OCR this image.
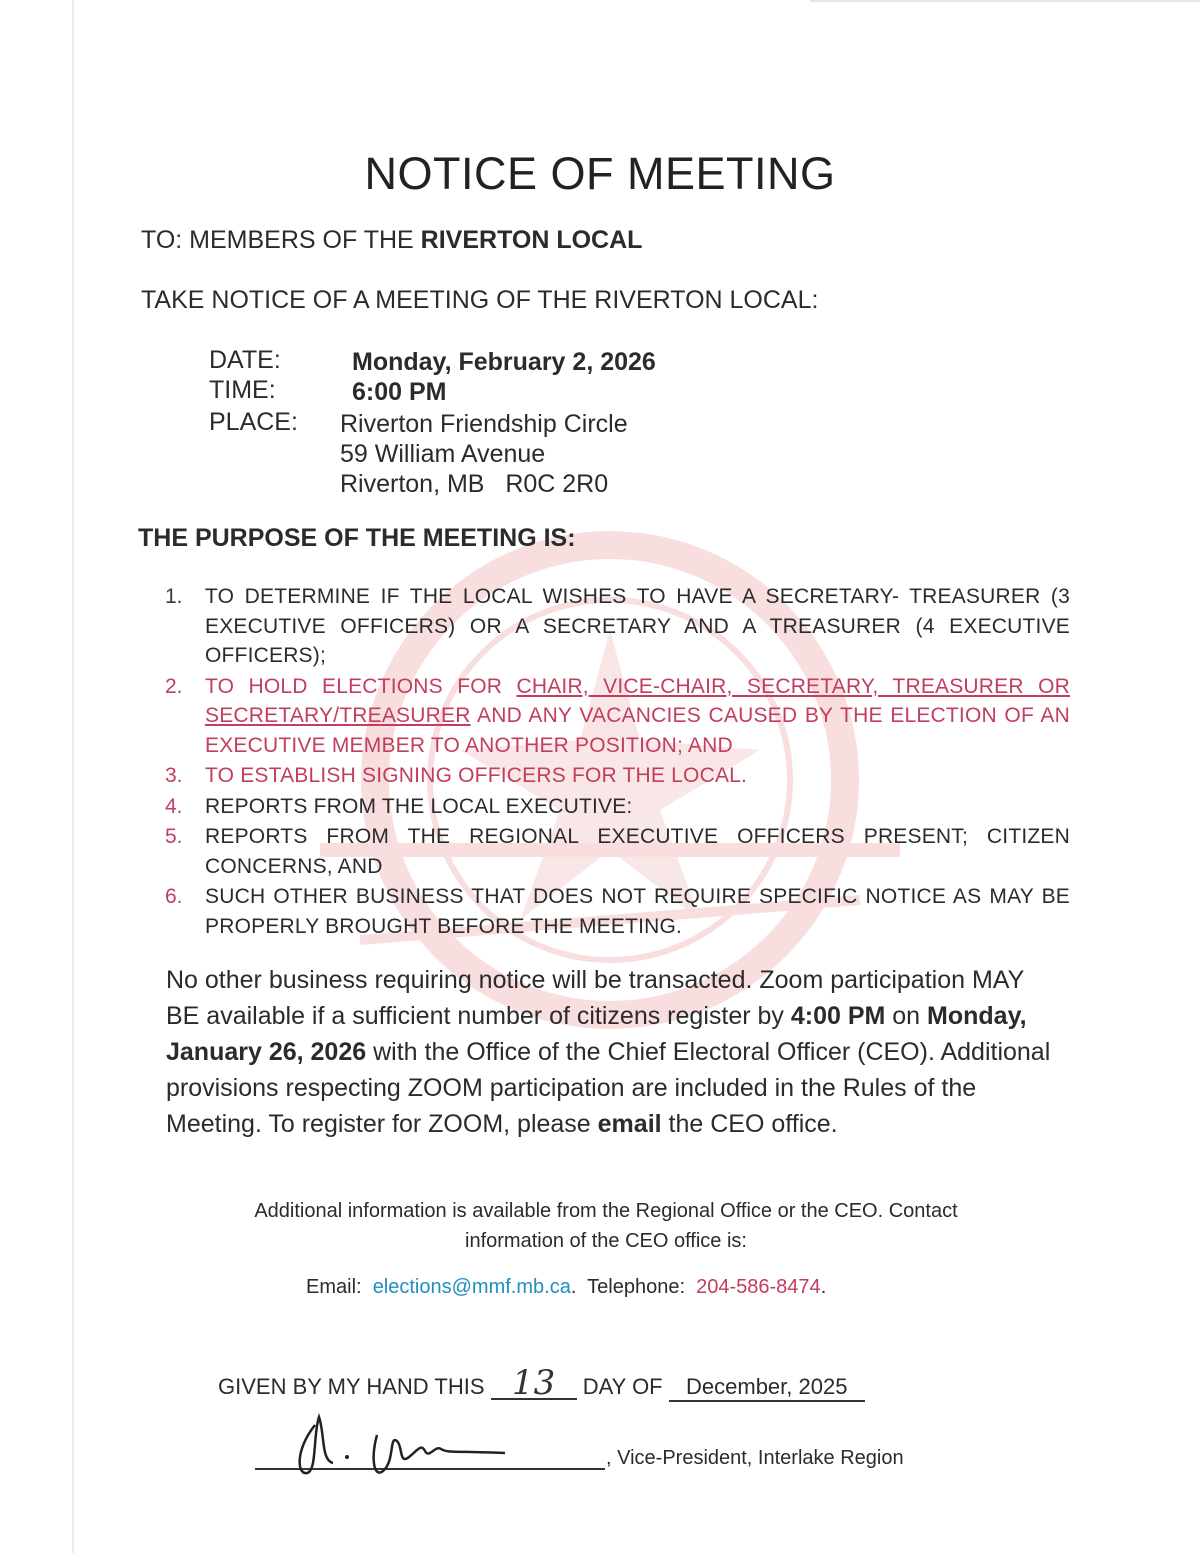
NOTICE OF MEETING
TO: MEMBERS OF THE RIVERTON LOCAL
TAKE NOTICE OF A MEETING OF THE RIVERTON LOCAL:
DATE:	Monday, February 2, 2026
TIME:	6:00 PM
PLACE: Riverton Friendship Circle
59 William Avenue
Riverton, MB   R0C 2R0
THE PURPOSE OF THE MEETING IS:
1.	TO DETERMINE IF THE LOCAL WISHES TO HAVE A SECRETARY- TREASURER (3 EXECUTIVE OFFICERS) OR A SECRETARY AND A TREASURER (4 EXECUTIVE OFFICERS);
2.	TO HOLD ELECTIONS FOR CHAIR, VICE-CHAIR, SECRETARY, TREASURER OR SECRETARY/TREASURER AND ANY VACANCIES CAUSED BY THE ELECTION OF AN EXECUTIVE MEMBER TO ANOTHER POSITION; AND
3.	TO ESTABLISH SIGNING OFFICERS FOR THE LOCAL.
4.	REPORTS FROM THE LOCAL EXECUTIVE:
5.	REPORTS FROM THE REGIONAL EXECUTIVE OFFICERS PRESENT; CITIZEN CONCERNS, AND
6.	SUCH OTHER BUSINESS THAT DOES NOT REQUIRE SPECIFIC NOTICE AS MAY BE PROPERLY BROUGHT BEFORE THE MEETING.
No other business requiring notice will be transacted. Zoom participation MAY BE available if a sufficient number of citizens register by 4:00 PM on Monday, January 26, 2026 with the Office of the Chief Electoral Officer (CEO). Additional provisions respecting ZOOM participation are included in the Rules of the Meeting. To register for ZOOM, please email the CEO office.
Additional information is available from the Regional Office or the CEO. Contact information of the CEO office is:
Email:  elections@mmf.mb.ca.  Telephone:  204-586-8474.
GIVEN BY MY HAND THIS 13 DAY OF December, 2025
, Vice-President, Interlake Region
